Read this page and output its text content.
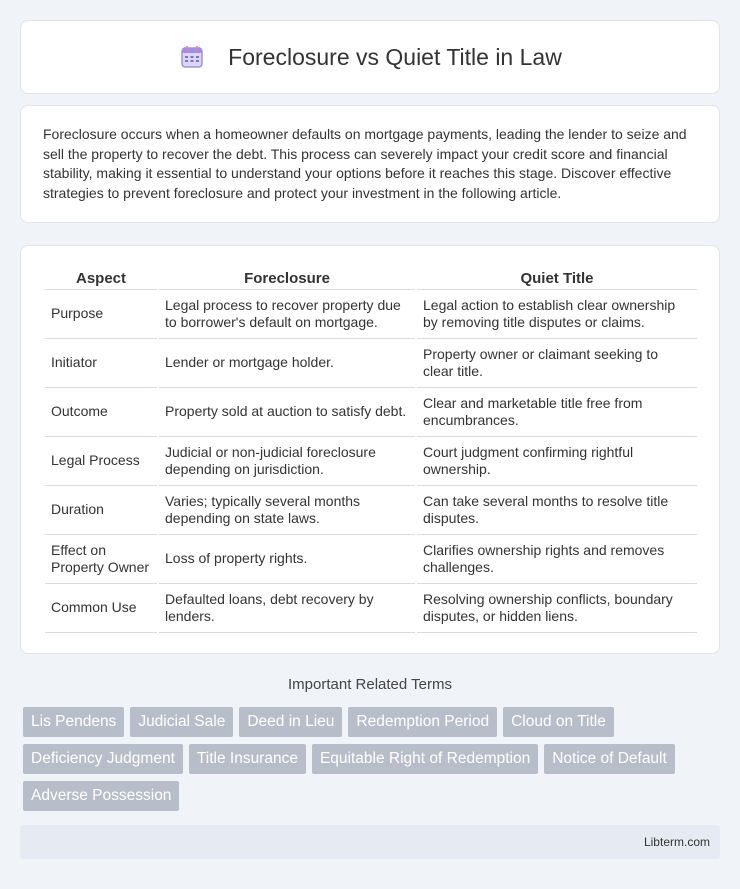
Foreclosure vs Quiet Title in Law

Foreclosure occurs when a homeowner defaults on mortgage payments, leading the lender to seize and sell the property to recover the debt. This process can severely impact your credit score and financial stability, making it essential to understand your options before it reaches this stage. Discover effective strategies to prevent foreclosure and protect your investment in the following article.

Aspect	Foreclosure	Quiet Title
Purpose	Legal process to recover property due to borrower's default on mortgage.	Legal action to establish clear ownership by removing title disputes or claims.
Initiator	Lender or mortgage holder.	Property owner or claimant seeking to clear title.
Outcome	Property sold at auction to satisfy debt.	Clear and marketable title free from encumbrances.
Legal Process	Judicial or non-judicial foreclosure depending on jurisdiction.	Court judgment confirming rightful ownership.
Duration	Varies; typically several months depending on state laws.	Can take several months to resolve title disputes.
Effect on Property Owner	Loss of property rights.	Clarifies ownership rights and removes challenges.
Common Use	Defaulted loans, debt recovery by lenders.	Resolving ownership conflicts, boundary disputes, or hidden liens.
Important Related Terms
Lis Pendens	Judicial Sale	Deed in Lieu	Redemption Period	Cloud on Title
Deficiency Judgment	Title Insurance	Equitable Right of Redemption	Notice of Default
Adverse Possession
Libterm.com
